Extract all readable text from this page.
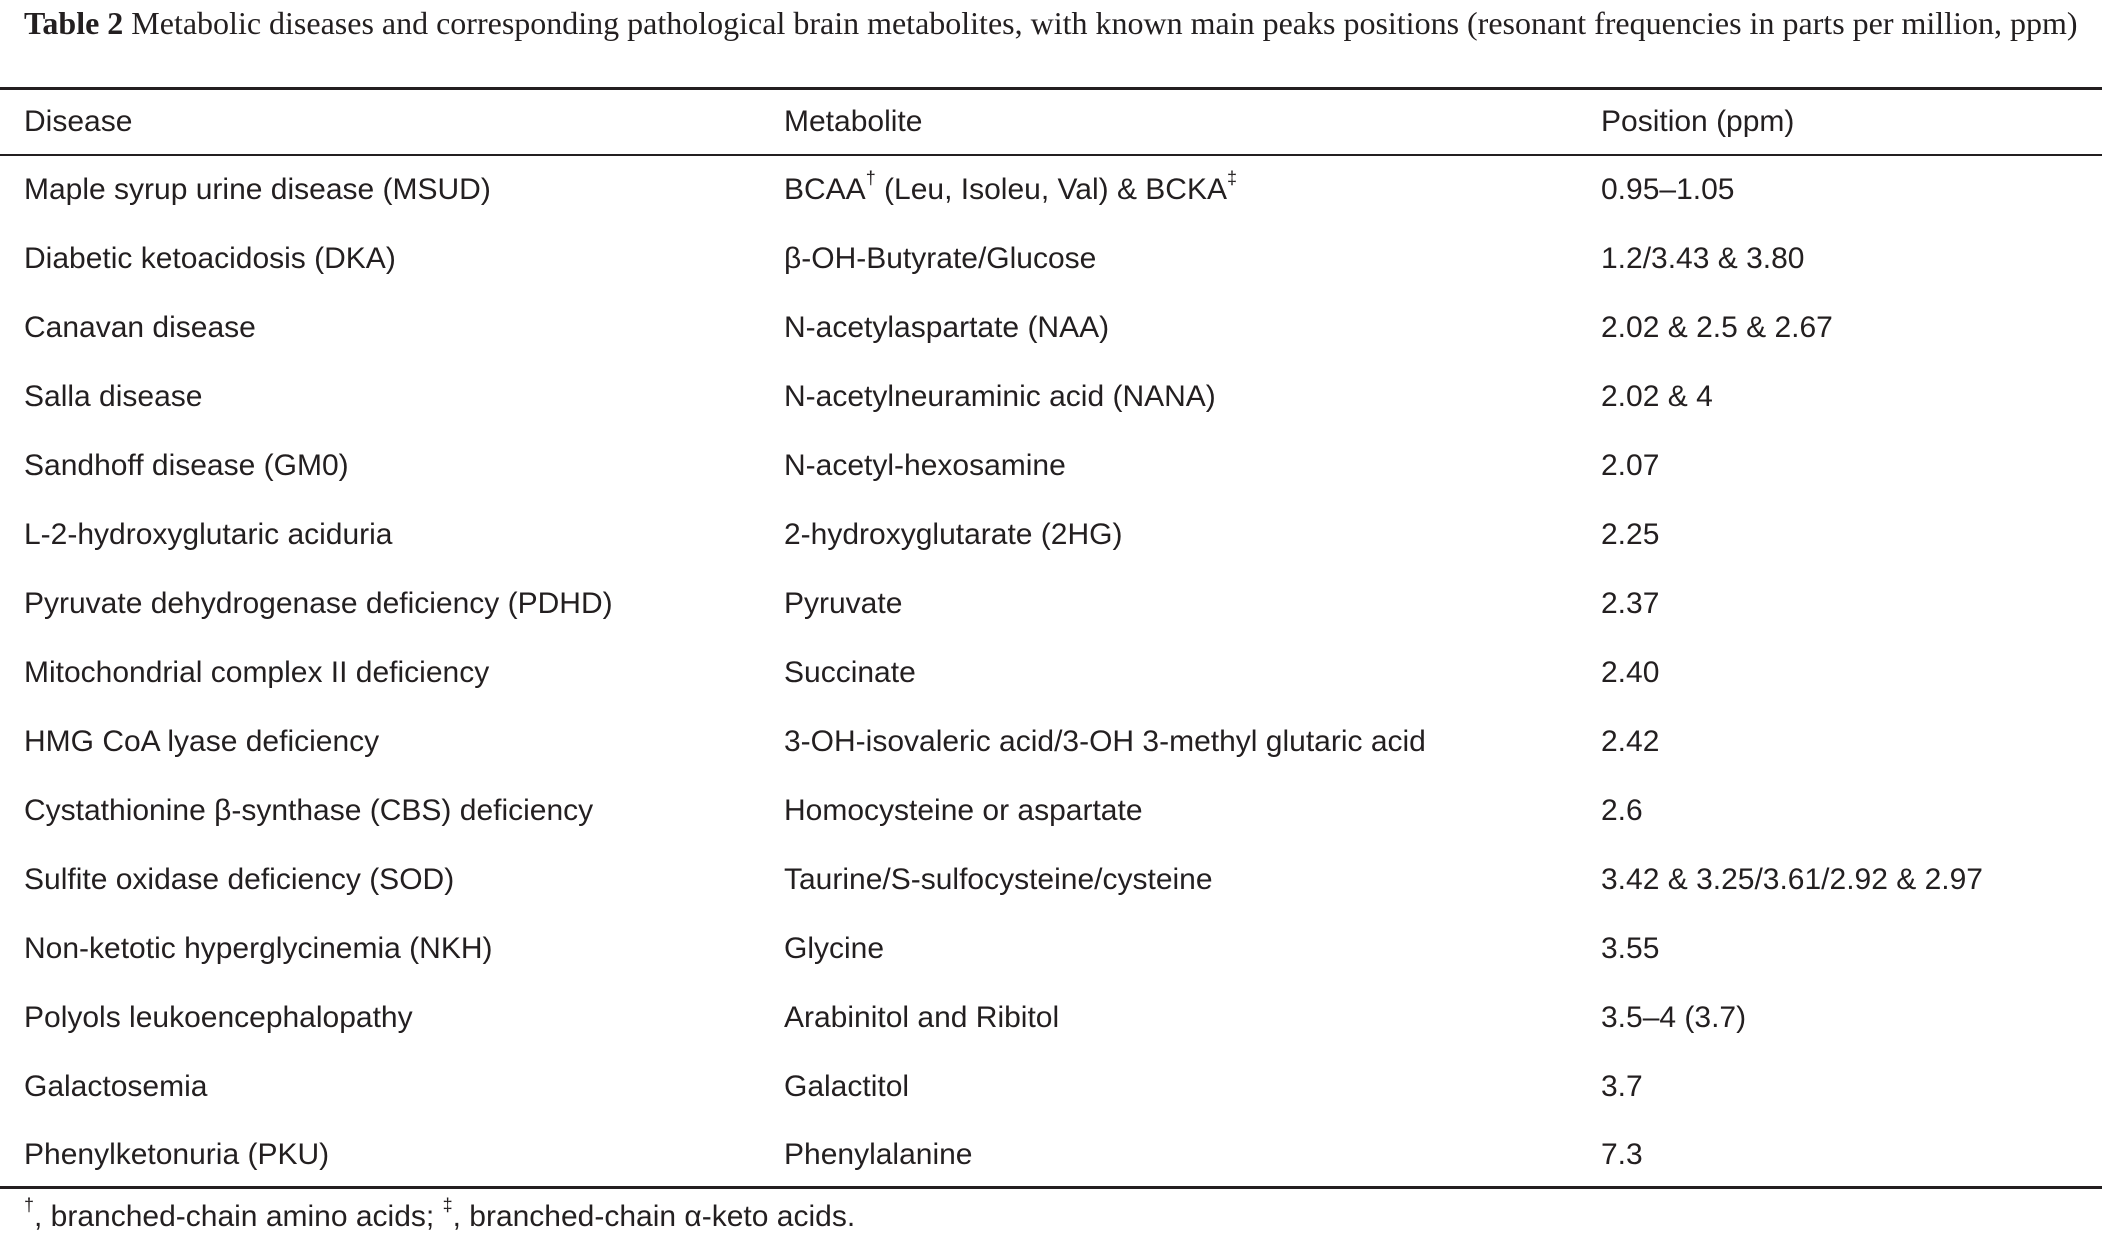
Table 2 Metabolic diseases and corresponding pathological brain metabolites, with known main peaks positions (resonant frequencies in parts per million, ppm)
Disease	Metabolite	Position (ppm)
Maple syrup urine disease (MSUD)	BCAA† (Leu, Isoleu, Val) & BCKA‡	0.95–1.05
Diabetic ketoacidosis (DKA)	β-OH-Butyrate/Glucose	1.2/3.43 & 3.80
Canavan disease	N-acetylaspartate (NAA)	2.02 & 2.5 & 2.67
Salla disease	N-acetylneuraminic acid (NANA)	2.02 & 4
Sandhoff disease (GM0)	N-acetyl-hexosamine	2.07
L-2-hydroxyglutaric aciduria	2-hydroxyglutarate (2HG)	2.25
Pyruvate dehydrogenase deficiency (PDHD)	Pyruvate	2.37
Mitochondrial complex II deficiency	Succinate	2.40
HMG CoA lyase deficiency	3-OH-isovaleric acid/3-OH 3-methyl glutaric acid	2.42
Cystathionine β-synthase (CBS) deficiency	Homocysteine or aspartate	2.6
Sulfite oxidase deficiency (SOD)	Taurine/S-sulfocysteine/cysteine	3.42 & 3.25/3.61/2.92 & 2.97
Non-ketotic hyperglycinemia (NKH)	Glycine	3.55
Polyols leukoencephalopathy	Arabinitol and Ribitol	3.5–4 (3.7)
Galactosemia	Galactitol	3.7
Phenylketonuria (PKU)	Phenylalanine	7.3
†, branched-chain amino acids; ‡, branched-chain α-keto acids.
